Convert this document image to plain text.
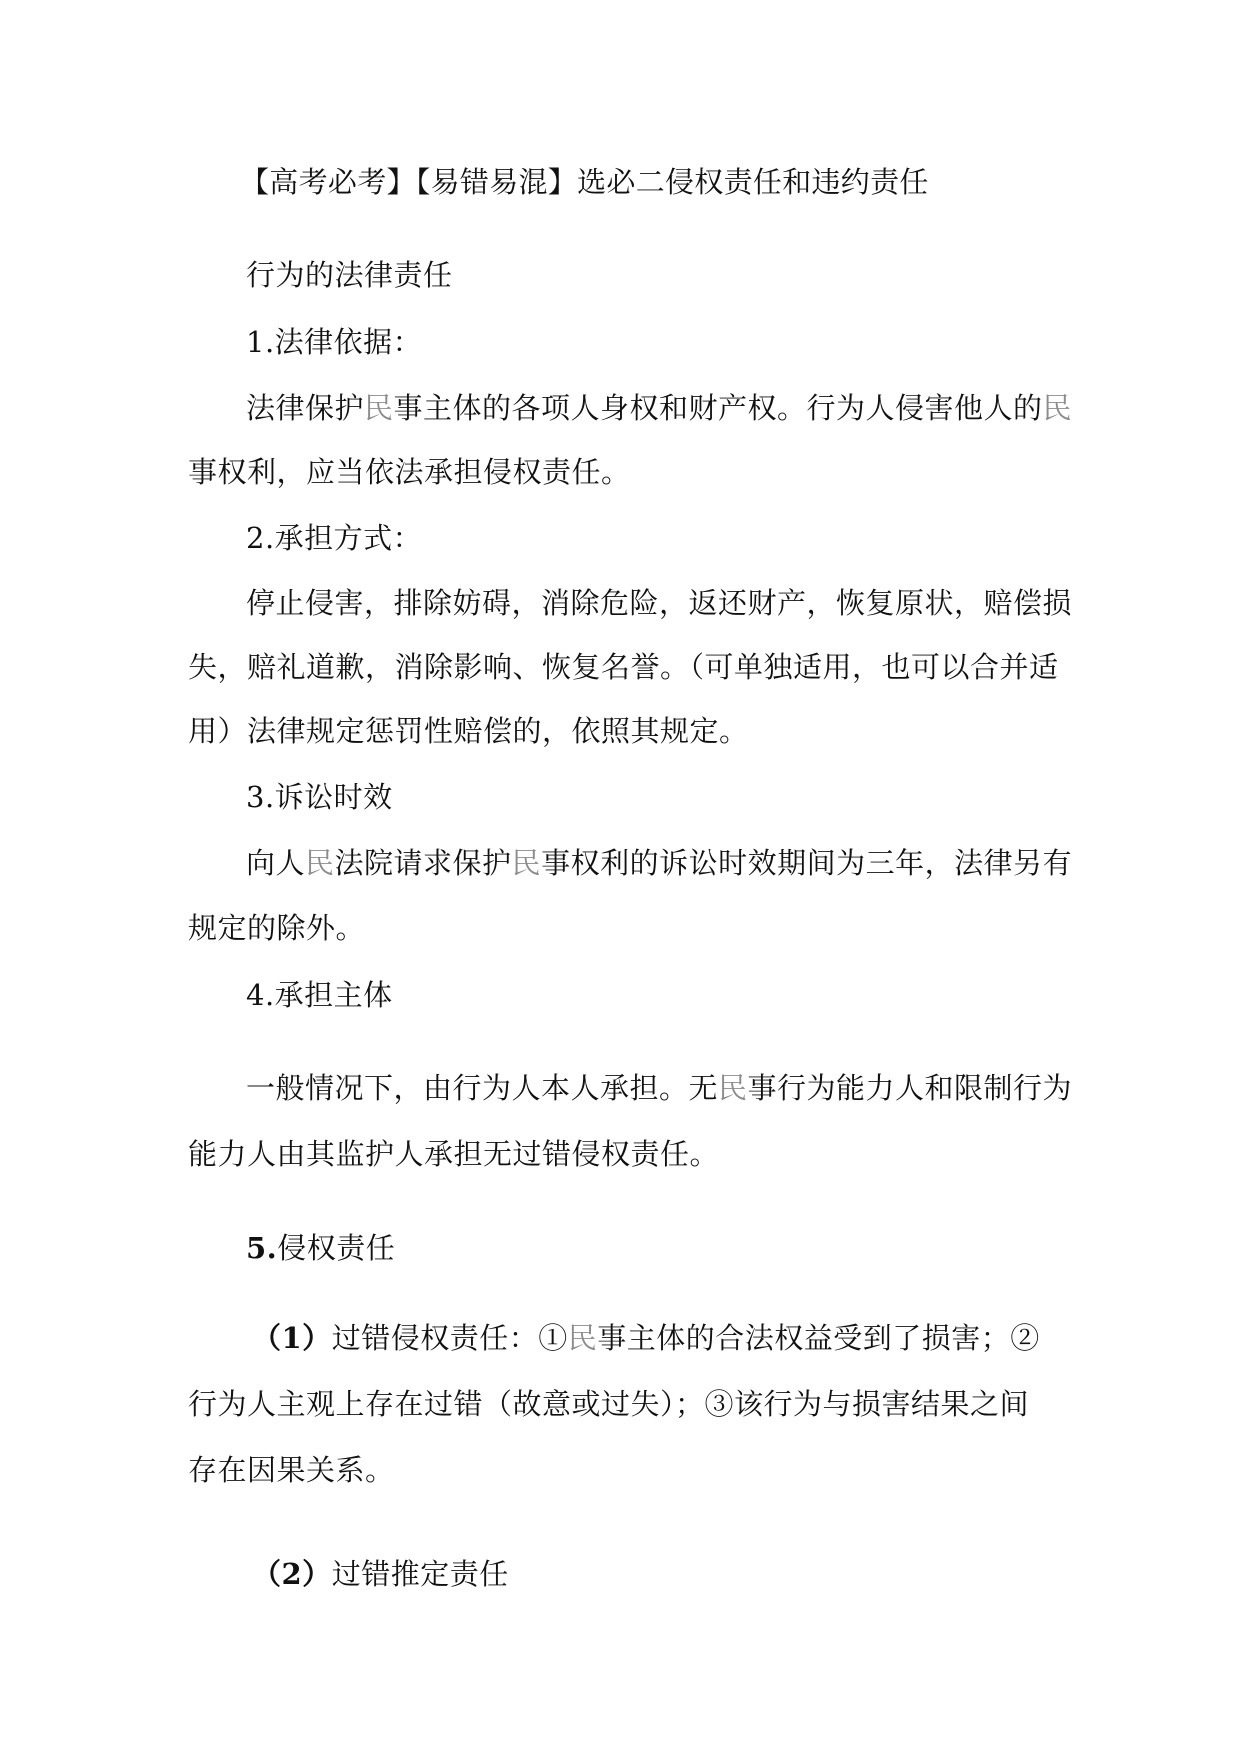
【高考必考】【易错易混】选必二侵权责任和违约责任
行为的法律责任
1.法律依据：
法律保护民事主体的各项人身权和财产权。行为人侵害他人的民
事权利，应当依法承担侵权责任。
2.承担方式：
停止侵害，排除妨碍，消除危险，返还财产，恢复原状，赔偿损
失，赔礼道歉，消除影响、恢复名誉。（可单独适用，也可以合并适
用）法律规定惩罚性赔偿的，依照其规定。
3.诉讼时效
向人民法院请求保护民事权利的诉讼时效期间为三年，法律另有
规定的除外。
4.承担主体
一般情况下，由行为人本人承担。无民事行为能力人和限制行为
能力人由其监护人承担无过错侵权责任。
5.侵权责任
（1）过错侵权责任：①民事主体的合法权益受到了损害；②
行为人主观上存在过错（故意或过失）；③该行为与损害结果之间
存在因果关系。
（2）过错推定责任
